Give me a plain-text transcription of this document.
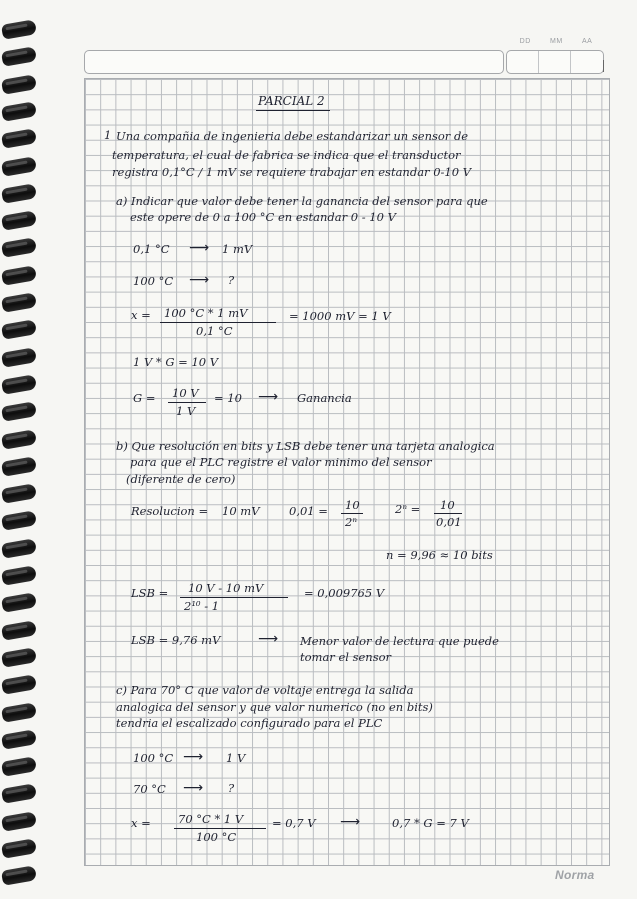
DD	MM	AA
PARCIAL 2
1 Una compañia de ingenieria debe estandarizar un sensor de
temperatura, el cual de fabrica se indica que el transductor
registra 0,1°C / 1 mV se requiere trabajar en estandar 0-10 V
a) Indicar que valor debe tener la ganancia del sensor para que
este opere de 0 a 100 °C en estandar 0 - 10 V
0,1 °C ⟶ 1 mV
100 °C ⟶ ?
x = 100 °C * 1 mV
0,1 °C
= 1000 mV = 1 V
1 V * G = 10 V
G = 10 V
1 V
= 10 ⟶ Ganancia
b) Que resolución en bits y LSB debe tener una tarjeta analogica
para que el PLC registre el valor minimo del sensor
(diferente de cero)
Resolucion = 10 mV	0,01 = 10
2ⁿ
2ⁿ = 10
0,01
n = 9,96 ≈ 10 bits
LSB = 10 V - 10 mV
2¹⁰ - 1
= 0,009765 V
LSB = 9,76 mV	⟶ Menor valor de lectura que puede
tomar el sensor
c) Para 70° C que valor de voltaje entrega la salida
analogica del sensor y que valor numerico (no en bits)
tendria el escalizado configurado para el PLC
100 °C ⟶ 1 V
70 °C ⟶ ?
x = 70 °C * 1 V
100 °C
= 0,7 V ⟶	0,7 * G = 7 V
Norma
